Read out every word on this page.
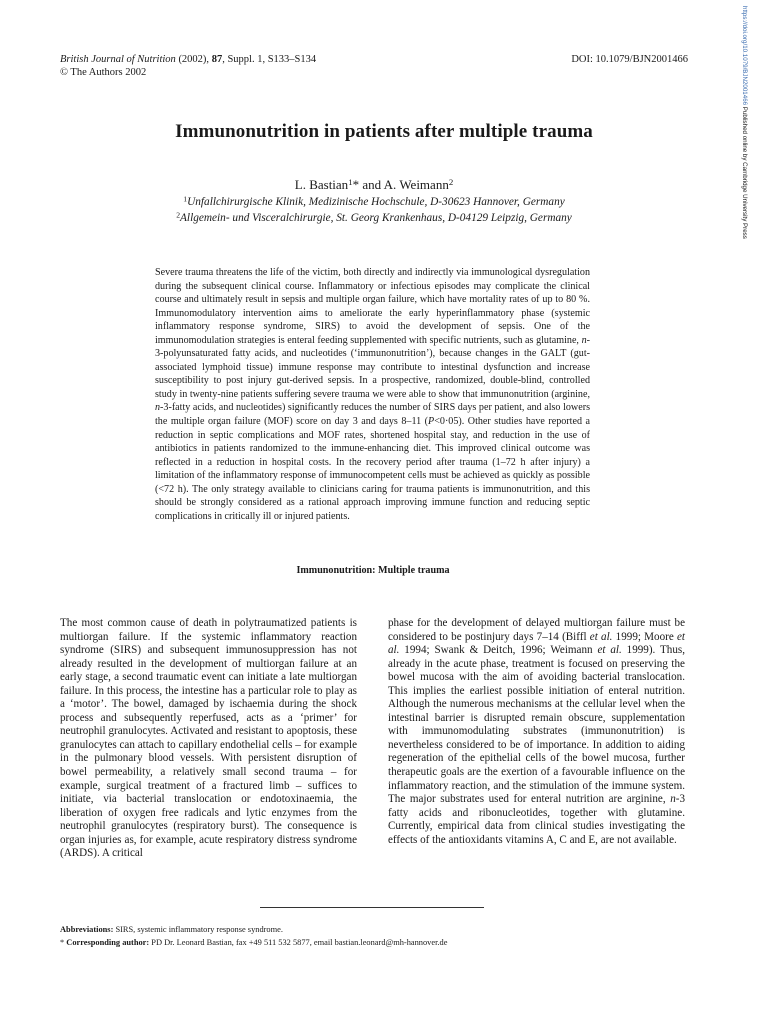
British Journal of Nutrition (2002), 87, Suppl. 1, S133–S134
© The Authors 2002
DOI: 10.1079/BJN2001466	https://doi.org/10.1079/BJN2001466 Published online by Cambridge University Press
Immunonutrition in patients after multiple trauma
L. Bastian$^1$* and A. Weimann$^2$
$^1$Unfallchirurgische Klinik, Medizinische Hochschule, D-30623 Hannover, Germany
$^2$Allgemein- und Visceralchirurgie, St. Georg Krankenhaus, D-04129 Leipzig, Germany
Severe trauma threatens the life of the victim, both directly and indirectly via immunological dysregulation during the subsequent clinical course. Inflammatory or infectious episodes may complicate the clinical course and ultimately result in sepsis and multiple organ failure, which have mortality rates of up to 80 %. Immunomodulatory intervention aims to ameliorate the early hyperinflammatory phase (systemic inflammatory response syndrome, SIRS) to avoid the development of sepsis. One of the immunomodulation strategies is enteral feeding supplemented with specific nutrients, such as glutamine, n-3-polyunsaturated fatty acids, and nucleotides (‘immunonutrition’), because changes in the GALT (gut-associated lymphoid tissue) immune response may contribute to intestinal dysfunction and increase susceptibility to post injury gut-derived sepsis. In a prospective, randomized, double-blind, controlled study in twenty-nine patients suffering severe trauma we were able to show that immunonutrition (arginine, n-3-fatty acids, and nucleotides) significantly reduces the number of SIRS days per patient, and also lowers the multiple organ failure (MOF) score on day 3 and days 8–11 (P<0·05). Other studies have reported a reduction in septic complications and MOF rates, shortened hospital stay, and reduction in the use of antibiotics in patients randomized to the immune-enhancing diet. This improved clinical outcome was reflected in a reduction in hospital costs. In the recovery period after trauma (1–72 h after injury) a limitation of the inflammatory response of immunocompetent cells must be achieved as quickly as possible (<72 h). The only strategy available to clinicians caring for trauma patients is immunonutrition, and this should be strongly considered as a rational approach improving immune function and reducing septic complications in critically ill or injured patients.
Immunonutrition: Multiple trauma
The most common cause of death in polytraumatized patients is multiorgan failure. If the systemic inflammatory reaction syndrome (SIRS) and subsequent immunosuppression has not already resulted in the development of multiorgan failure at an early stage, a second traumatic event can initiate a late multiorgan failure. In this process, the intestine has a particular role to play as a ‘motor’. The bowel, damaged by ischaemia during the shock process and subsequently reperfused, acts as a ‘primer’ for neutrophil granulocytes. Activated and resistant to apoptosis, these granulocytes can attach to capillary endothelial cells – for example in the pulmonary blood vessels. With persistent disruption of bowel permeability, a relatively small second trauma – for example, surgical treatment of a fractured limb – suffices to initiate, via bacterial translocation or endotoxinaemia, the liberation of oxygen free radicals and lytic enzymes from the neutrophil granulocytes (respiratory burst). The consequence is organ injuries as, for example, acute respiratory distress syndrome (ARDS). A critical
phase for the development of delayed multiorgan failure must be considered to be postinjury days 7–14 (Biffl et al. 1999; Moore et al. 1994; Swank & Deitch, 1996; Weimann et al. 1999). Thus, already in the acute phase, treatment is focused on preserving the bowel mucosa with the aim of avoiding bacterial translocation. This implies the earliest possible initiation of enteral nutrition. Although the numerous mechanisms at the cellular level when the intestinal barrier is disrupted remain obscure, supplementation with immunomodulating substrates (immunonutrition) is nevertheless considered to be of importance. In addition to aiding regeneration of the epithelial cells of the bowel mucosa, further therapeutic goals are the exertion of a favourable influence on the inflammatory reaction, and the stimulation of the immune system. The major substrates used for enteral nutrition are arginine, n-3 fatty acids and ribonucleotides, together with glutamine. Currently, empirical data from clinical studies investigating the effects of the antioxidants vitamins A, C and E, are not available.
Abbreviations: SIRS, systemic inflammatory response syndrome.
* Corresponding author: PD Dr. Leonard Bastian, fax +49 511 532 5877, email bastian.leonard@mh-hannover.de
